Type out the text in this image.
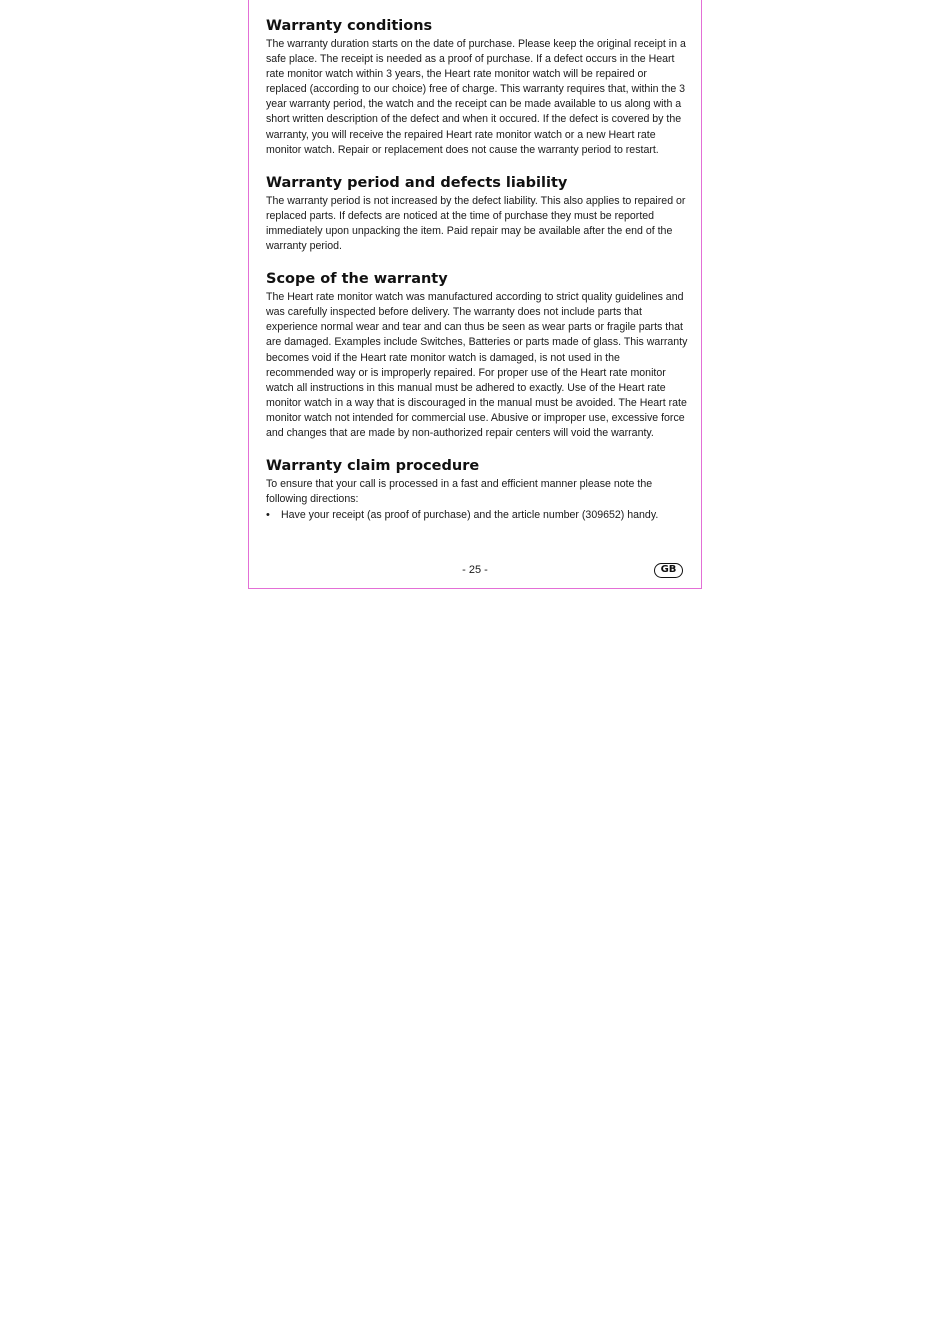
Warranty conditions

The warranty duration starts on the date of purchase. Please keep the original receipt in a safe place. The receipt is needed as a proof of purchase. If a defect occurs in the Heart rate monitor watch within 3 years, the Heart rate monitor watch will be repaired or replaced (according to our choice) free of charge. This warranty requires that, within the 3 year warranty period, the watch and the receipt can be made available to us along with a short written description of the defect and when it occured. If the defect is covered by the warranty, you will receive the repaired Heart rate monitor watch or a new Heart rate monitor watch. Repair or replacement does not cause the warranty period to restart.

Warranty period and defects liability

The warranty period is not increased by the defect liability. This also applies to repaired or replaced parts. If defects are noticed at the time of purchase they must be reported immediately upon unpacking the item. Paid repair may be available after the end of the warranty period.

Scope of the warranty

The Heart rate monitor watch was manufactured according to strict quality guidelines and was carefully inspected before delivery. The warranty does not include parts that experience normal wear and tear and can thus be seen as wear parts or fragile parts that are damaged. Examples include Switches, Batteries or parts made of glass. This warranty becomes void if the Heart rate monitor watch is damaged, is not used in the recommended way or is improperly repaired. For proper use of the Heart rate monitor watch all instructions in this manual must be adhered to exactly. Use of the Heart rate monitor watch in a way that is discouraged in the manual must be avoided. The Heart rate monitor watch not intended for commercial use. Abusive or improper use, excessive force and changes that are made by non-authorized repair centers will void the warranty.

Warranty claim procedure

To ensure that your call is processed in a fast and efficient manner please note the following directions:

• Have your receipt (as proof of purchase) and the article number (309652) handy.
- 25 -	GB
